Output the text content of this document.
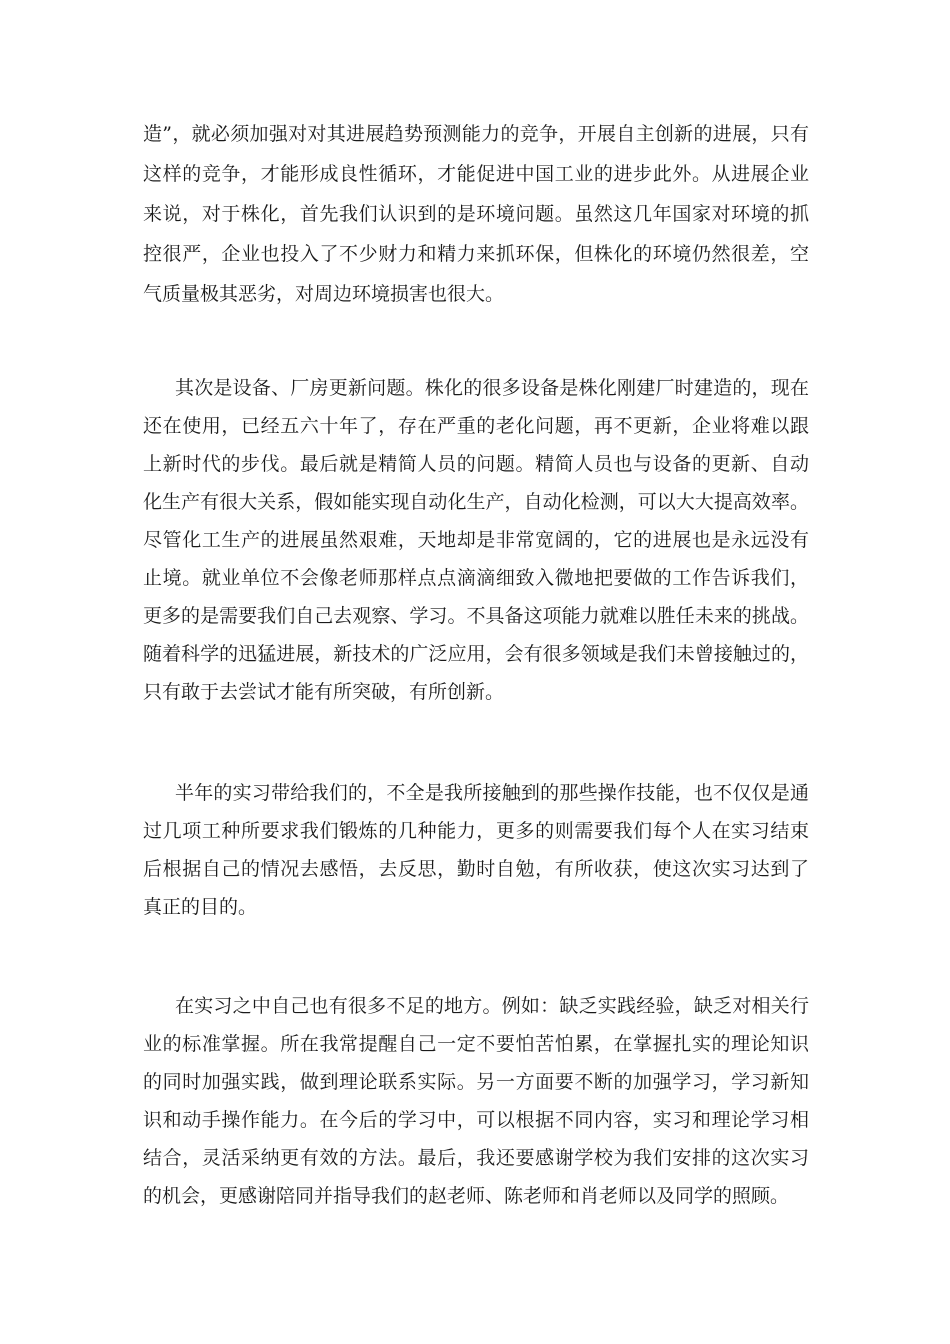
造”，就必须加强对对其进展趋势预测能力的竞争，开展自主创新的进展，只有
这样的竞争，才能形成良性循环，才能促进中国工业的进步此外。从进展企业
来说，对于株化，首先我们认识到的是环境问题。虽然这几年国家对环境的抓
控很严，企业也投入了不少财力和精力来抓环保，但株化的环境仍然很差，空
气质量极其恶劣，对周边环境损害也很大。
其次是设备、厂房更新问题。株化的很多设备是株化刚建厂时建造的，现在
还在使用，已经五六十年了，存在严重的老化问题，再不更新，企业将难以跟
上新时代的步伐。最后就是精简人员的问题。精简人员也与设备的更新、自动
化生产有很大关系，假如能实现自动化生产，自动化检测，可以大大提高效率。
尽管化工生产的进展虽然艰难，天地却是非常宽阔的，它的进展也是永远没有
止境。就业单位不会像老师那样点点滴滴细致入微地把要做的工作告诉我们，
更多的是需要我们自己去观察、学习。不具备这项能力就难以胜任未来的挑战。
随着科学的迅猛进展，新技术的广泛应用，会有很多领域是我们未曾接触过的，
只有敢于去尝试才能有所突破，有所创新。
半年的实习带给我们的，不全是我所接触到的那些操作技能，也不仅仅是通
过几项工种所要求我们锻炼的几种能力，更多的则需要我们每个人在实习结束
后根据自己的情况去感悟，去反思，勤时自勉，有所收获，使这次实习达到了
真正的目的。
在实习之中自己也有很多不足的地方。例如：缺乏实践经验，缺乏对相关行
业的标准掌握。所在我常提醒自己一定不要怕苦怕累，在掌握扎实的理论知识
的同时加强实践，做到理论联系实际。另一方面要不断的加强学习，学习新知
识和动手操作能力。在今后的学习中，可以根据不同内容，实习和理论学习相
结合，灵活采纳更有效的方法。最后，我还要感谢学校为我们安排的这次实习
的机会，更感谢陪同并指导我们的赵老师、陈老师和肖老师以及同学的照顾。
